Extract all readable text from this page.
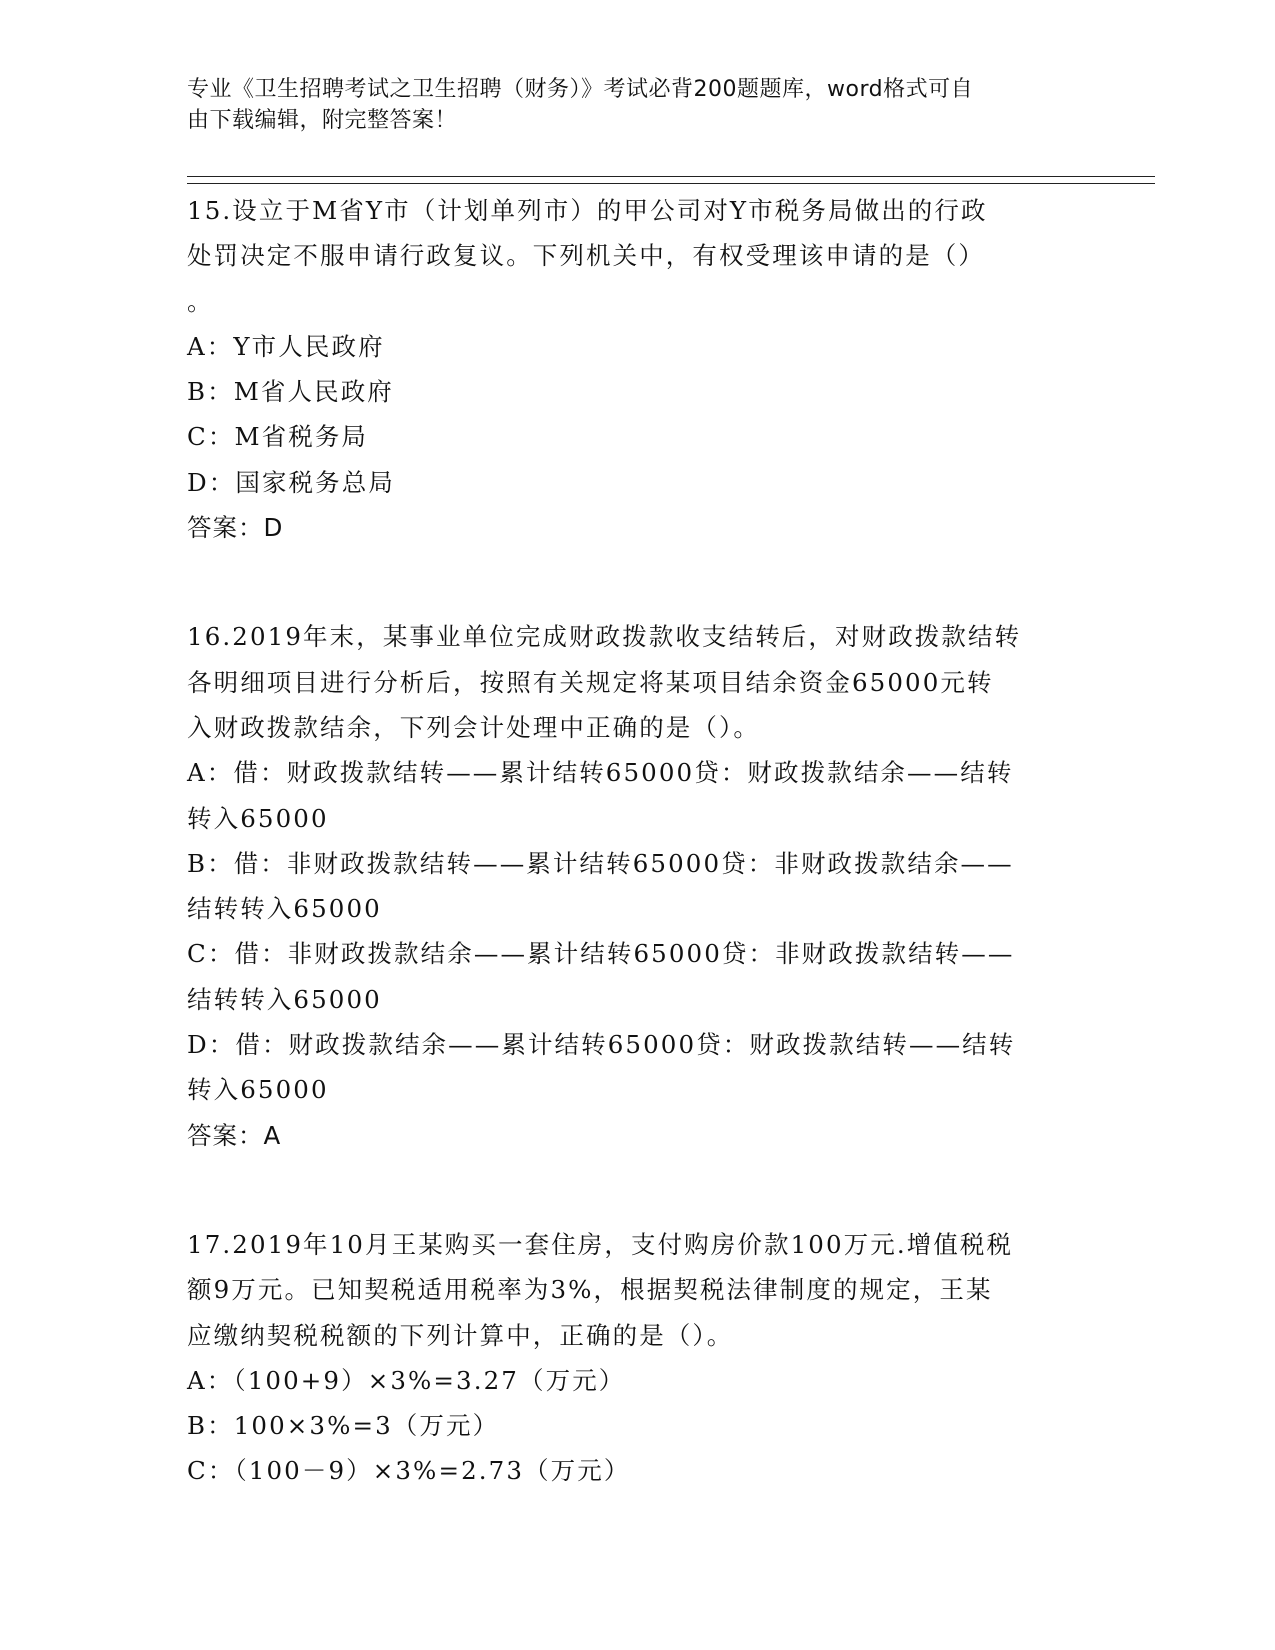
专业《卫生招聘考试之卫生招聘（财务）》考试必背200题题库，word格式可自
由下载编辑，附完整答案！
15.设立于M省Y市（计划单列市）的甲公司对Y市税务局做出的行政
处罚决定不服申请行政复议。下列机关中，有权受理该申请的是（）
。
A：Y市人民政府
B：M省人民政府
C：M省税务局
D：国家税务总局
答案：D
16.2019年末，某事业单位完成财政拨款收支结转后，对财政拨款结转
各明细项目进行分析后，按照有关规定将某项目结余资金65000元转
入财政拨款结余，下列会计处理中正确的是（）。
A：借：财政拨款结转——累计结转65000贷：财政拨款结余——结转
转入65000
B：借：非财政拨款结转——累计结转65000贷：非财政拨款结余——
结转转入65000
C：借：非财政拨款结余——累计结转65000贷：非财政拨款结转——
结转转入65000
D：借：财政拨款结余——累计结转65000贷：财政拨款结转——结转
转入65000
答案：A
17.2019年10月王某购买一套住房，支付购房价款100万元.增值税税
额9万元。已知契税适用税率为3%，根据契税法律制度的规定，王某
应缴纳契税税额的下列计算中，正确的是（）。
A：（100+9）×3%=3.27（万元）
B：100×3%=3（万元）
C：（100－9）×3%=2.73（万元）
